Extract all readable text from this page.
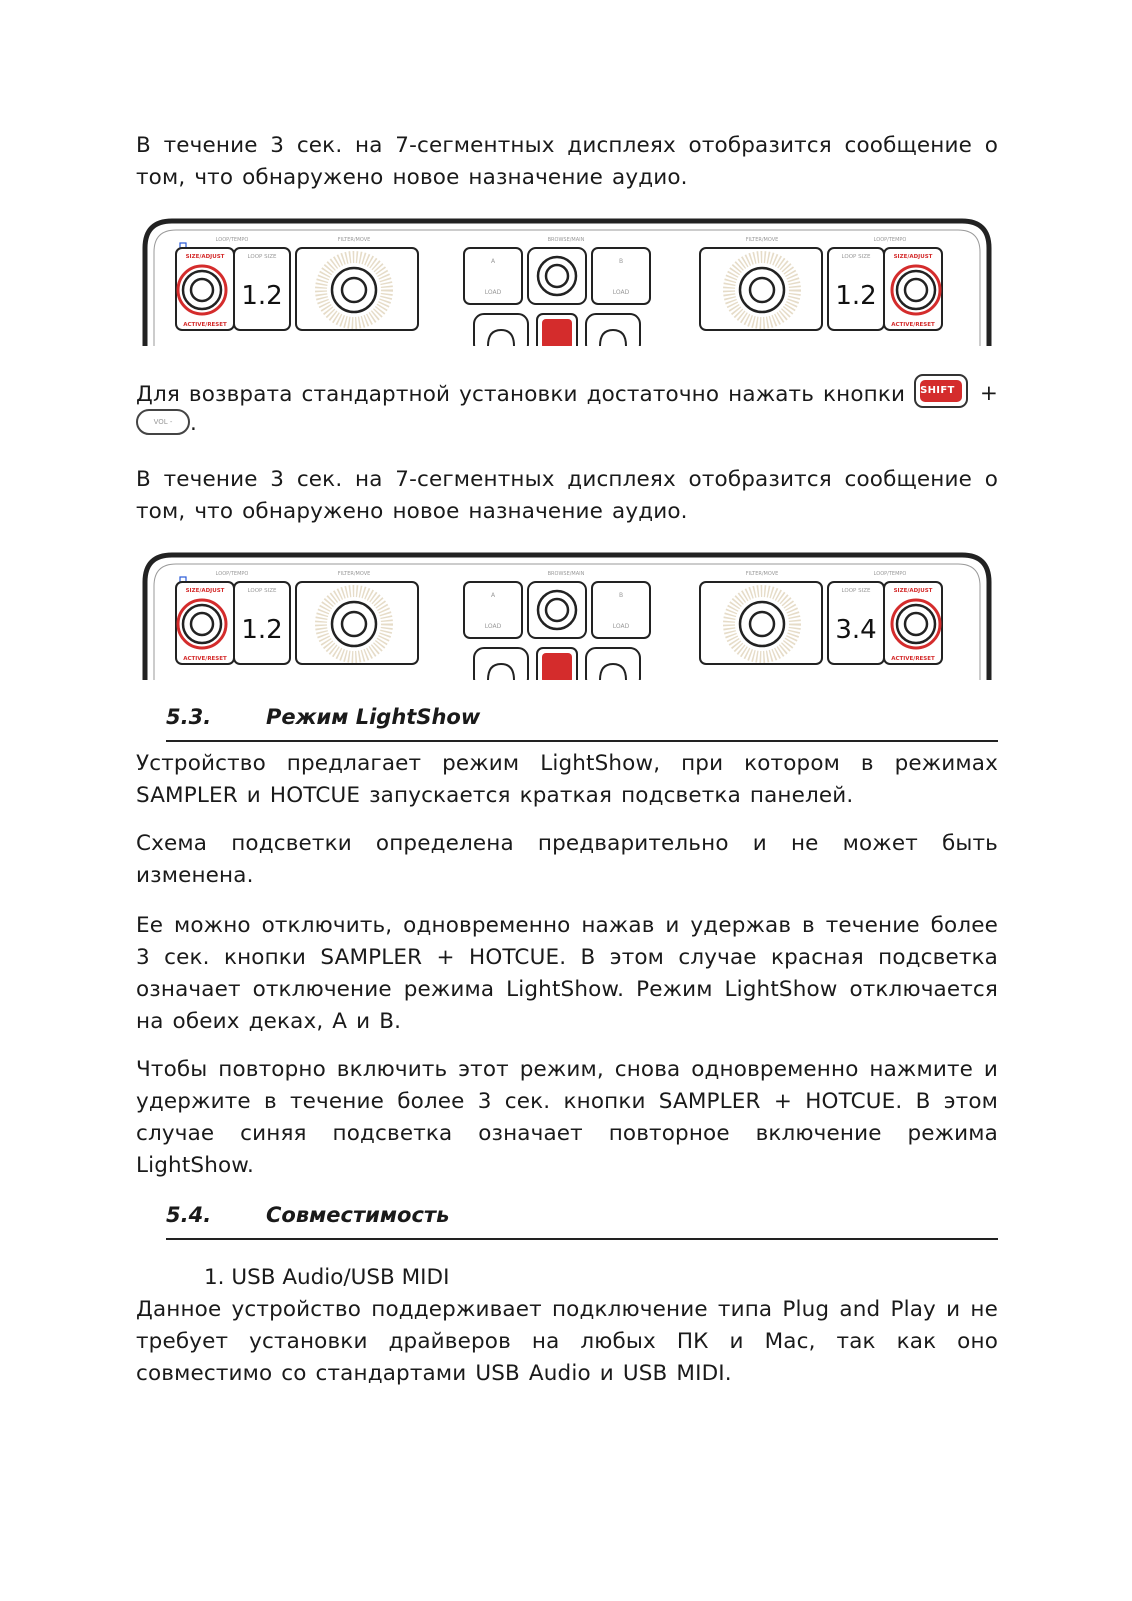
В течение 3 сек. на 7-сегментных дисплеях отобразится сообщение о том, что обнаружено новое назначение аудио.

LOOP/TEMPO	FILTER/MOVE	BROWSE/MAIN	FILTER/MOVE	LOOP/TEMPO
SIZE/ADJUST
ACTIVE/RESET
LOOP SIZE
1.2
A
LOAD
B
LOAD
LOOP SIZE
1.2
SIZE/ADJUST
ACTIVE/RESET

Для возврата стандартной установки достаточно нажать кнопки SHIFT	+

VOL - .

В течение 3 сек. на 7-сегментных дисплеях отобразится сообщение о том, что обнаружено новое назначение аудио.

LOOP/TEMPO	FILTER/MOVE	BROWSE/MAIN	FILTER/MOVE	LOOP/TEMPO
SIZE/ADJUST
ACTIVE/RESET
LOOP SIZE
1.2
A
LOAD
B
LOAD
LOOP SIZE
3.4
SIZE/ADJUST
ACTIVE/RESET
5.3.	Режим LightShow

Устройство предлагает режим LightShow, при котором в режимах SAMPLER и HOTCUE запускается краткая подсветка панелей.

Схема подсветки определена предварительно и не может быть изменена.

Ее можно отключить, одновременно нажав и удержав в течение более 3 сек. кнопки SAMPLER + HOTCUE. В этом случае красная подсветка означает отключение режима LightShow. Режим LightShow отключается на обеих деках, A и B.

Чтобы повторно включить этот режим, снова одновременно нажмите и удержите в течение более 3 сек. кнопки SAMPLER + HOTCUE. В этом случае синяя подсветка означает повторное включение режима LightShow.

5.4.	Совместимость
1. USB Audio/USB MIDI

Данное устройство поддерживает подключение типа Plug and Play и не требует установки драйверов на любых ПК и Mac, так как оно совместимо со стандартами USB Audio и USB MIDI.
